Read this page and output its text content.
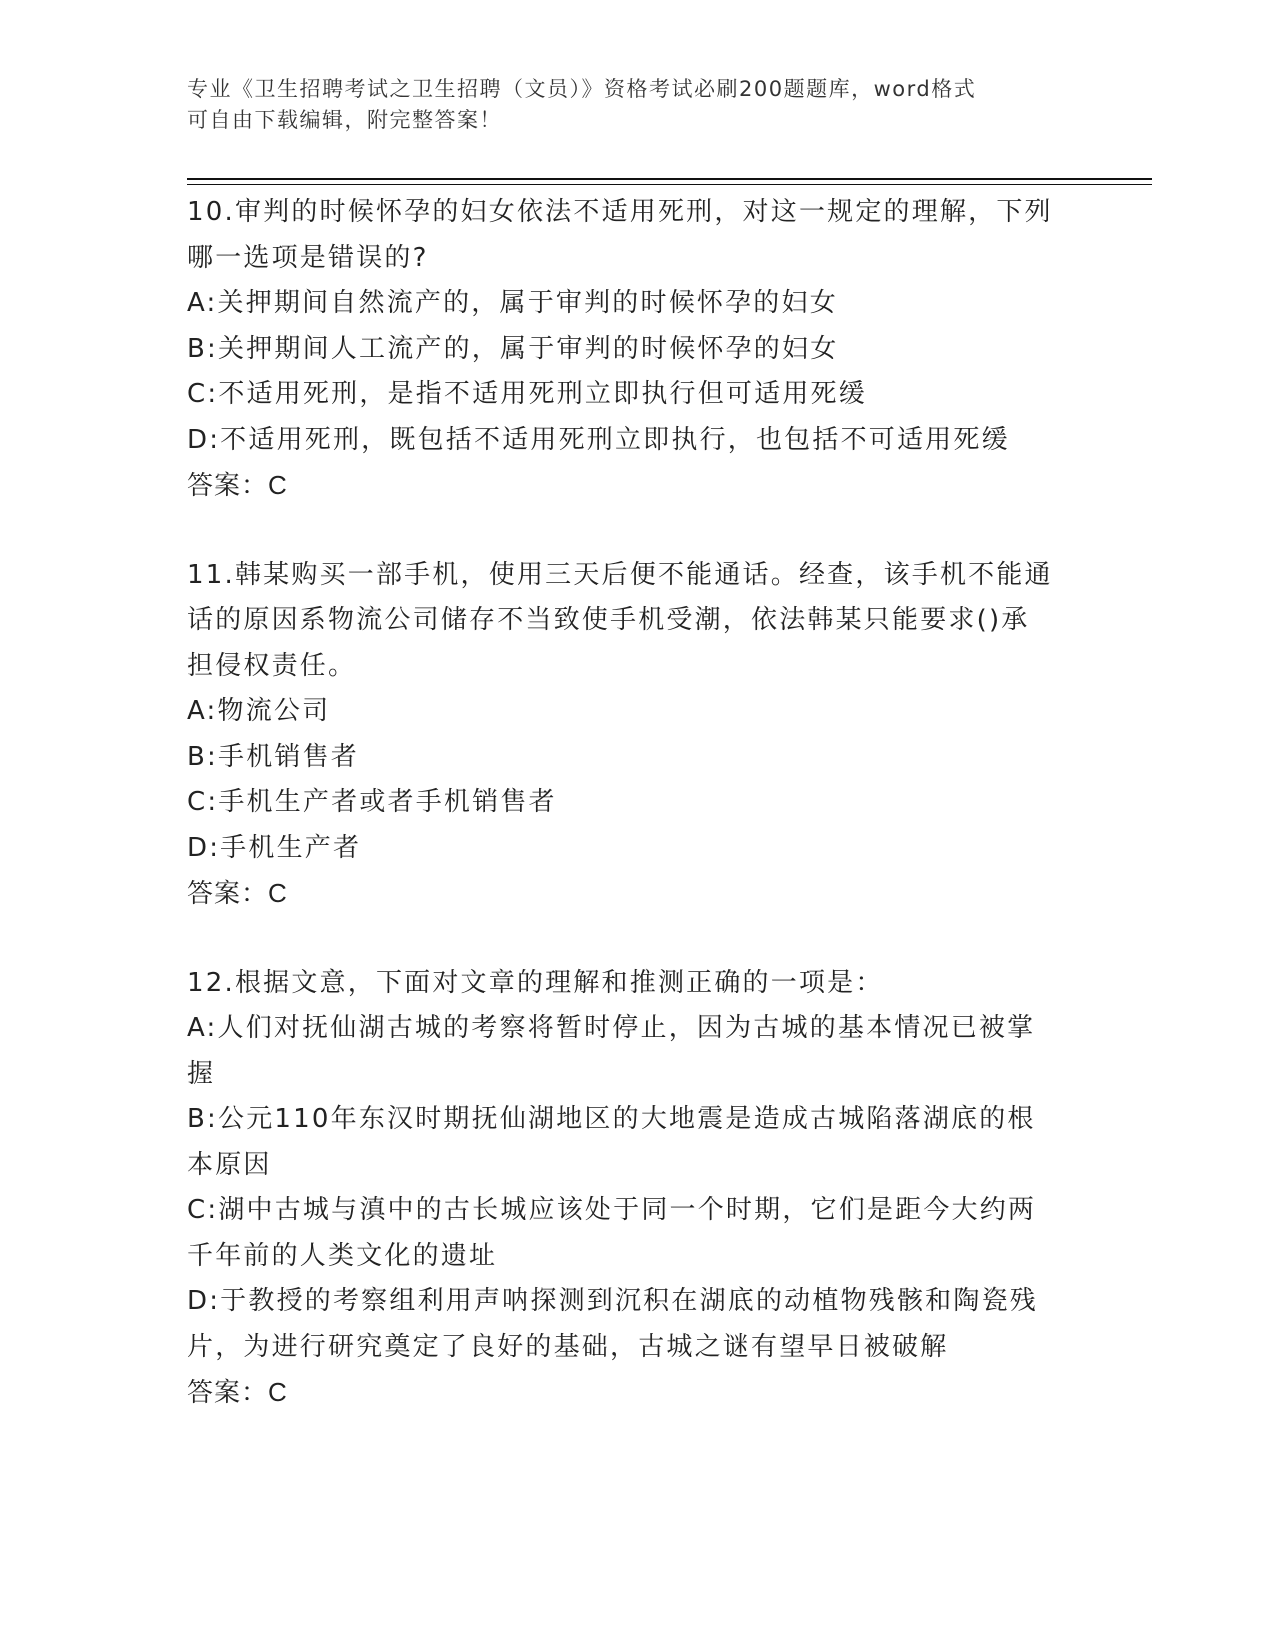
专业《卫生招聘考试之卫生招聘（文员）》资格考试必刷200题题库，word格式
可自由下载编辑，附完整答案！
10.审判的时候怀孕的妇女依法不适用死刑，对这一规定的理解，下列
哪一选项是错误的?
A:关押期间自然流产的，属于审判的时候怀孕的妇女
B:关押期间人工流产的，属于审判的时候怀孕的妇女
C:不适用死刑，是指不适用死刑立即执行但可适用死缓
D:不适用死刑，既包括不适用死刑立即执行，也包括不可适用死缓
答案：C
11.韩某购买一部手机，使用三天后便不能通话。经查，该手机不能通
话的原因系物流公司储存不当致使手机受潮，依法韩某只能要求()承
担侵权责任。
A:物流公司
B:手机销售者
C:手机生产者或者手机销售者
D:手机生产者
答案：C
12.根据文意，下面对文章的理解和推测正确的一项是：
A:人们对抚仙湖古城的考察将暂时停止，因为古城的基本情况已被掌
握
B:公元110年东汉时期抚仙湖地区的大地震是造成古城陷落湖底的根
本原因
C:湖中古城与滇中的古长城应该处于同一个时期，它们是距今大约两
千年前的人类文化的遗址
D:于教授的考察组利用声呐探测到沉积在湖底的动植物残骸和陶瓷残
片，为进行研究奠定了良好的基础，古城之谜有望早日被破解
答案：C
